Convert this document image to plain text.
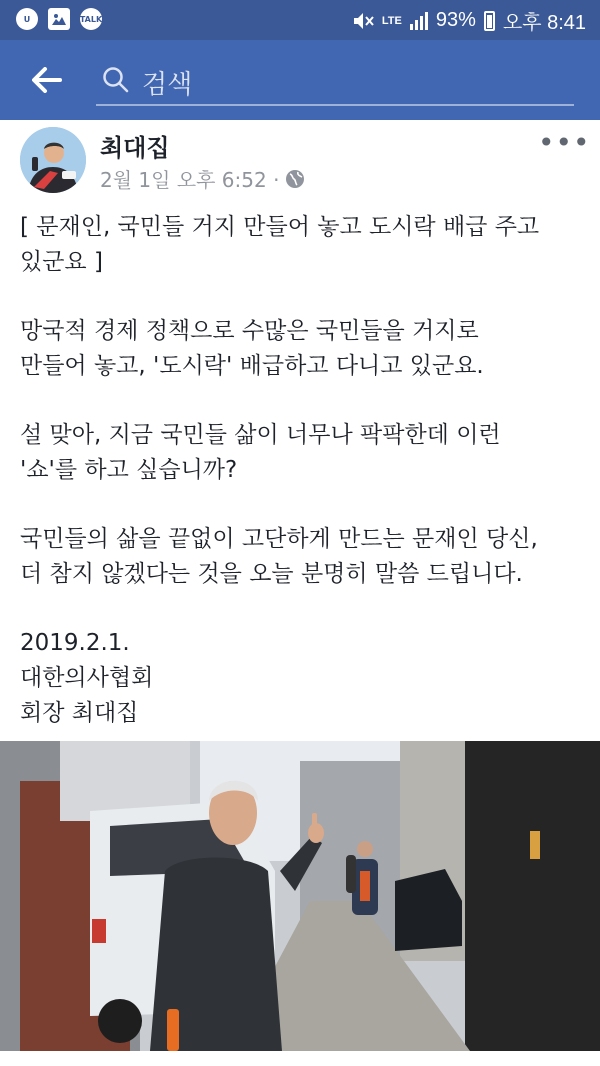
U	TALK	LTE 93% 오후 8:41
검색
최대집
2월 1일 오후 6:52 ·
•••

[ 문재인, 국민들 거지 만들어 놓고 도시락 배급 주고

있군요 ]

망국적 경제 정책으로 수많은 국민들을 거지로

만들어 놓고, '도시락' 배급하고 다니고 있군요.

설 맞아, 지금 국민들 삶이 너무나 팍팍한데 이런

'쇼'를 하고 싶습니까?

국민들의 삶을 끝없이 고단하게 만드는 문재인 당신,

더 참지 않겠다는 것을 오늘 분명히 말씀 드립니다.

2019.2.1.

대한의사협회

회장 최대집
